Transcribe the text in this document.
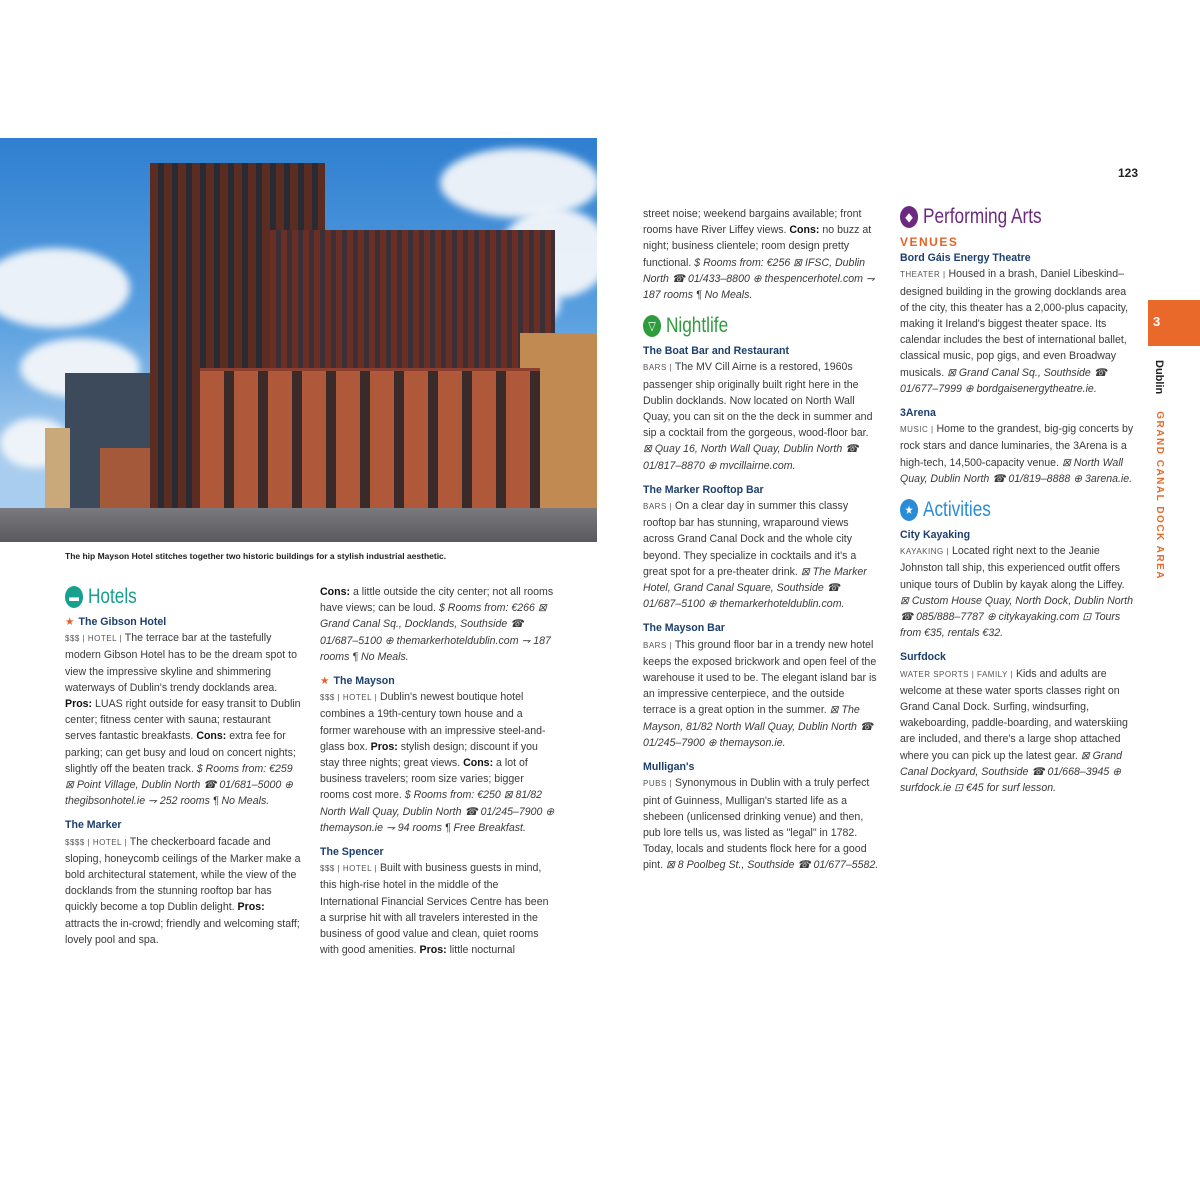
The hip Mayson Hotel stitches together two historic buildings for a stylish industrial aesthetic.
123
3
Dublin GRAND CANAL DOCK AREA
▬ Hotels
★ The Gibson Hotel
$$$ | HOTEL | The terrace bar at the tastefully modern Gibson Hotel has to be the dream spot to view the impressive skyline and shimmering waterways of Dublin's trendy docklands area. Pros: LUAS right outside for easy transit to Dublin center; fitness center with sauna; restaurant serves fantastic breakfasts. Cons: extra fee for parking; can get busy and loud on concert nights; slightly off the beaten track. $ Rooms from: €259 ⊠ Point Village, Dublin North ☎ 01/681–5000 ⊕ thegibsonhotel.ie ⇁ 252 rooms ¶ No Meals.
The Marker
$$$$ | HOTEL | The checkerboard facade and sloping, honeycomb ceilings of the Marker make a bold architectural statement, while the view of the docklands from the stunning rooftop bar has quickly become a top Dublin delight. Pros: attracts the in-crowd; friendly and welcoming staff; lovely pool and spa.
Cons: a little outside the city center; not all rooms have views; can be loud. $ Rooms from: €266 ⊠ Grand Canal Sq., Docklands, Southside ☎ 01/687–5100 ⊕ themarkerhoteldublin.com ⇁ 187 rooms ¶ No Meals.
★ The Mayson
$$$ | HOTEL | Dublin's newest boutique hotel combines a 19th-century town house and a former warehouse with an impressive steel-and-glass box. Pros: stylish design; discount if you stay three nights; great views. Cons: a lot of business travelers; room size varies; bigger rooms cost more. $ Rooms from: €250 ⊠ 81/82 North Wall Quay, Dublin North ☎ 01/245–7900 ⊕ themayson.ie ⇁ 94 rooms ¶ Free Breakfast.
The Spencer
$$$ | HOTEL | Built with business guests in mind, this high-rise hotel in the middle of the International Financial Services Centre has been a surprise hit with all travelers interested in the business of good value and clean, quiet rooms with good amenities. Pros: little nocturnal
street noise; weekend bargains available; front rooms have River Liffey views. Cons: no buzz at night; business clientele; room design pretty functional. $ Rooms from: €256 ⊠ IFSC, Dublin North ☎ 01/433–8800 ⊕ thespencerhotel.com ⇁ 187 rooms ¶ No Meals.
▽ Nightlife
The Boat Bar and Restaurant
BARS | The MV Cill Airne is a restored, 1960s passenger ship originally built right here in the Dublin docklands. Now located on North Wall Quay, you can sit on the the deck in summer and sip a cocktail from the gorgeous, wood-floor bar. ⊠ Quay 16, North Wall Quay, Dublin North ☎ 01/817–8870 ⊕ mvcillairne.com.
The Marker Rooftop Bar
BARS | On a clear day in summer this classy rooftop bar has stunning, wraparound views across Grand Canal Dock and the whole city beyond. They specialize in cocktails and it's a great spot for a pre-theater drink. ⊠ The Marker Hotel, Grand Canal Square, Southside ☎ 01/687–5100 ⊕ themarkerhoteldublin.com.
The Mayson Bar
BARS | This ground floor bar in a trendy new hotel keeps the exposed brickwork and open feel of the warehouse it used to be. The elegant island bar is an impressive centerpiece, and the outside terrace is a great option in the summer. ⊠ The Mayson, 81/82 North Wall Quay, Dublin North ☎ 01/245–7900 ⊕ themayson.ie.
Mulligan's
PUBS | Synonymous in Dublin with a truly perfect pint of Guinness, Mulligan's started life as a shebeen (unlicensed drinking venue) and then, pub lore tells us, was listed as "legal" in 1782. Today, locals and students flock here for a good pint. ⊠ 8 Poolbeg St., Southside ☎ 01/677–5582.
◆ Performing Arts
VENUES
Bord Gáis Energy Theatre
THEATER | Housed in a brash, Daniel Libeskind–designed building in the growing docklands area of the city, this theater has a 2,000-plus capacity, making it Ireland's biggest theater space. Its calendar includes the best of international ballet, classical music, pop gigs, and even Broadway musicals. ⊠ Grand Canal Sq., Southside ☎ 01/677–7999 ⊕ bordgaisenergytheatre.ie.
3Arena
MUSIC | Home to the grandest, big-gig concerts by rock stars and dance luminaries, the 3Arena is a high-tech, 14,500-capacity venue. ⊠ North Wall Quay, Dublin North ☎ 01/819–8888 ⊕ 3arena.ie.
★ Activities
City Kayaking
KAYAKING | Located right next to the Jeanie Johnston tall ship, this experienced outfit offers unique tours of Dublin by kayak along the Liffey. ⊠ Custom House Quay, North Dock, Dublin North ☎ 085/888–7787 ⊕ citykayaking.com ⊡ Tours from €35, rentals €32.
Surfdock
WATER SPORTS | FAMILY | Kids and adults are welcome at these water sports classes right on Grand Canal Dock. Surfing, windsurfing, wakeboarding, paddle-boarding, and waterskiing are included, and there's a large shop attached where you can pick up the latest gear. ⊠ Grand Canal Dockyard, Southside ☎ 01/668–3945 ⊕ surfdock.ie ⊡ €45 for surf lesson.
